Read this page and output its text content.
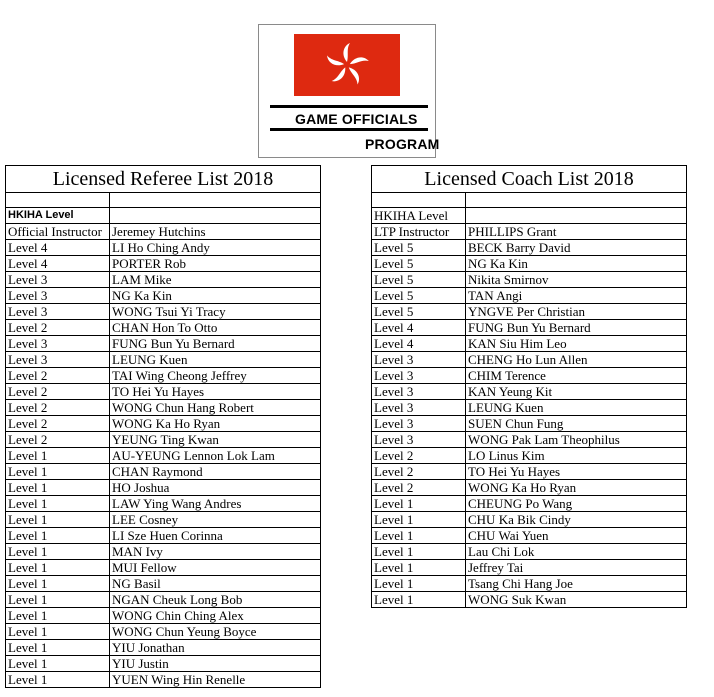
GAME OFFICIALS
PROGRAM
Licensed Referee List 2018	

HKIHA Level	
Official Instructor	Jeremey Hutchins
Level 4	LI Ho Ching Andy
Level 4	PORTER Rob
Level 3	LAM Mike
Level 3	NG Ka Kin
Level 3	WONG Tsui Yi Tracy
Level 2	CHAN Hon To Otto
Level 3	FUNG Bun Yu Bernard
Level 3	LEUNG Kuen
Level 2	TAI Wing Cheong Jeffrey
Level 2	TO Hei Yu Hayes
Level 2	WONG Chun Hang Robert
Level 2	WONG Ka Ho Ryan
Level 2	YEUNG Ting Kwan
Level 1	AU-YEUNG Lennon Lok Lam
Level 1	CHAN Raymond
Level 1	HO Joshua
Level 1	LAW Ying Wang Andres
Level 1	LEE Cosney
Level 1	LI Sze Huen Corinna
Level 1	MAN Ivy
Level 1	MUI Fellow
Level 1	NG Basil
Level 1	NGAN Cheuk Long Bob
Level 1	WONG Chin Ching Alex
Level 1	WONG Chun Yeung Boyce
Level 1	YIU Jonathan
Level 1	YIU Justin
Level 1	YUEN Wing Hin Renelle
Licensed Coach List 2018	

HKIHA Level	
LTP Instructor	PHILLIPS Grant
Level 5	BECK Barry David
Level 5	NG Ka Kin
Level 5	Nikita Smirnov
Level 5	TAN Angi
Level 5	YNGVE Per Christian
Level 4	FUNG Bun Yu Bernard
Level 4	KAN Siu Him Leo
Level 3	CHENG Ho Lun Allen
Level 3	CHIM Terence
Level 3	KAN Yeung Kit
Level 3	LEUNG Kuen
Level 3	SUEN Chun Fung
Level 3	WONG Pak Lam Theophilus
Level 2	LO Linus Kim
Level 2	TO Hei Yu Hayes
Level 2	WONG Ka Ho Ryan
Level 1	CHEUNG Po Wang
Level 1	CHU Ka Bik Cindy
Level 1	CHU Wai Yuen
Level 1	Lau Chi Lok
Level 1	Jeffrey Tai
Level 1	Tsang Chi Hang Joe
Level 1	WONG Suk Kwan
